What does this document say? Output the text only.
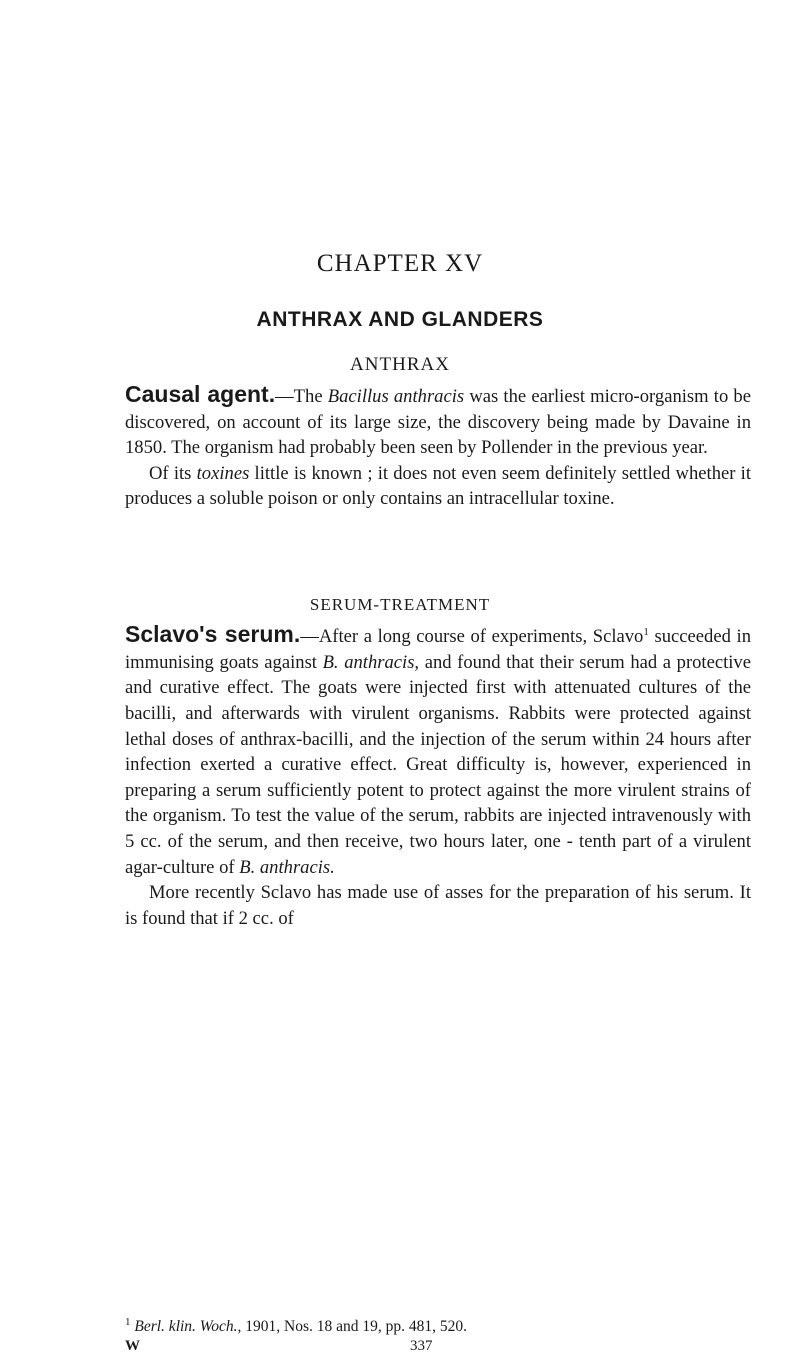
CHAPTER XV
ANTHRAX AND GLANDERS
ANTHRAX

Causal agent.—The Bacillus anthracis was the earliest micro-organism to be discovered, on account of its large size, the discovery being made by Davaine in 1850. The organism had probably been seen by Pollender in the previous year.

Of its toxines little is known ; it does not even seem definitely settled whether it produces a soluble poison or only contains an intracellular toxine.

SERUM-TREATMENT

Sclavo's serum.—After a long course of experiments, Sclavo$^1$ succeeded in immunising goats against B. anthracis, and found that their serum had a protective and curative effect. The goats were injected first with attenuated cultures of the bacilli, and afterwards with virulent organisms. Rabbits were protected against lethal doses of anthrax-bacilli, and the injection of the serum within 24 hours after infection exerted a curative effect. Great difficulty is, however, experienced in preparing a serum sufficiently potent to protect against the more virulent strains of the organism. To test the value of the serum, rabbits are injected intravenously with 5 cc. of the serum, and then receive, two hours later, one - tenth part of a virulent agar-culture of B. anthracis.

More recently Sclavo has made use of asses for the preparation of his serum. It is found that if 2 cc. of

$^1$ Berl. klin. Woch., 1901, Nos. 18 and 19, pp. 481, 520.
W	337
